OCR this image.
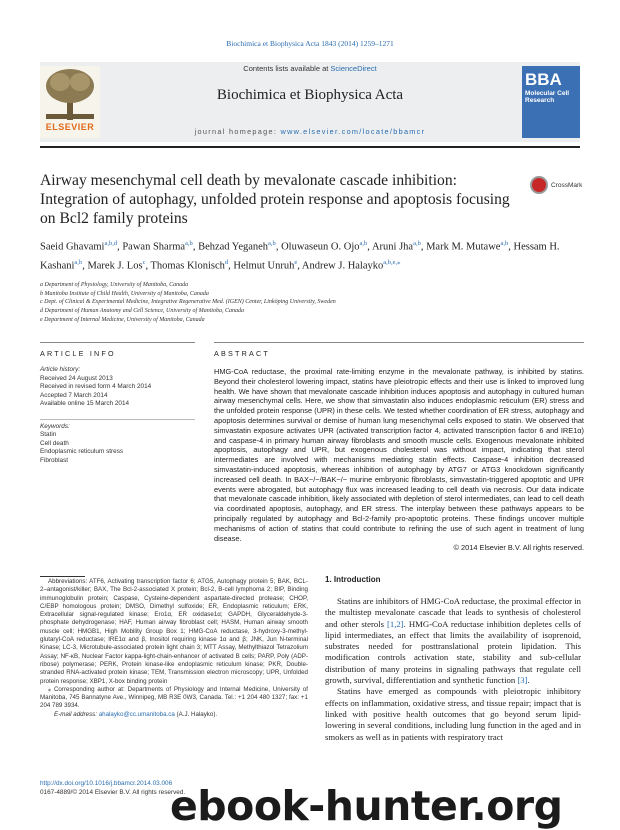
Biochimica et Biophysica Acta 1843 (2014) 1259–1271
ELSEVIER
Contents lists available at ScienceDirect
Biochimica et Biophysica Acta
journal homepage: www.elsevier.com/locate/bbamcr
BBA
Molecular Cell Research
Airway mesenchymal cell death by mevalonate cascade inhibition: Integration of autophagy, unfolded protein response and apoptosis focusing on Bcl2 family proteins
CrossMark
Saeid Ghavami$^{a,b,d}$, Pawan Sharma$^{a,b}$, Behzad Yeganeh$^{a,b}$, Oluwaseun O. Ojo$^{a,b}$, Aruni Jha$^{a,b}$, Mark M. Mutawe$^{a,b}$, Hessam H. Kashani$^{a,b}$, Marek J. Los$^c$, Thomas Klonisch$^d$, Helmut Unruh$^e$, Andrew J. Halayko$^{a,b,e,⁎}$
a Department of Physiology, University of Manitoba, Canada
b Manitoba Institute of Child Health, University of Manitoba, Canada
c Dept. of Clinical & Experimental Medicine, Integrative Regenerative Med. (IGEN) Center, Linköping University, Sweden
d Department of Human Anatomy and Cell Science, University of Manitoba, Canada
e Department of Internal Medicine, University of Manitoba, Canada
ARTICLE INFO
Article history:
Received 24 August 2013
Received in revised form 4 March 2014
Accepted 7 March 2014
Available online 15 March 2014
Keywords:
Statin
Cell death
Endoplasmic reticulum stress
Fibroblast
ABSTRACT

HMG-CoA reductase, the proximal rate-limiting enzyme in the mevalonate pathway, is inhibited by statins. Beyond their cholesterol lowering impact, statins have pleiotropic effects and their use is linked to improved lung health. We have shown that mevalonate cascade inhibition induces apoptosis and autophagy in cultured human airway mesenchymal cells. Here, we show that simvastatin also induces endoplasmic reticulum (ER) stress and the unfolded protein response (UPR) in these cells. We tested whether coordination of ER stress, autophagy and apoptosis determines survival or demise of human lung mesenchymal cells exposed to statin. We observed that simvastatin exposure activates UPR (activated transcription factor 4, activated transcription factor 6 and IRE1α) and caspase-4 in primary human airway fibroblasts and smooth muscle cells. Exogenous mevalonate inhibited apoptosis, autophagy and UPR, but exogenous cholesterol was without impact, indicating that sterol intermediates are involved with mechanisms mediating statin effects. Caspase-4 inhibition decreased simvastatin-induced apoptosis, whereas inhibition of autophagy by ATG7 or ATG3 knockdown significantly increased cell death. In BAX−/−/BAK−/− murine embryonic fibroblasts, simvastatin-triggered apoptotic and UPR events were abrogated, but autophagy flux was increased leading to cell death via necrosis. Our data indicate that mevalonate cascade inhibition, likely associated with depletion of sterol intermediates, can lead to cell death via coordinated apoptosis, autophagy, and ER stress. The interplay between these pathways appears to be principally regulated by autophagy and Bcl-2-family pro-apoptotic proteins. These findings uncover multiple mechanisms of action of statins that could contribute to refining the use of such agent in treatment of lung disease.

© 2014 Elsevier B.V. All rights reserved.

Abbreviations: ATF6, Activating transcription factor 6; ATG5, Autophagy protein 5; BAK, BCL-2–antagonist/killer; BAX, The Bcl-2-associated X protein; Bcl-2, B-cell lymphoma 2; BIP, Binding immunoglobulin protein; Caspase, Cysteine-dependent aspartate-directed protease; CHOP, C/EBP homologous protein; DMSO, Dimethyl sulfoxide; ER, Endoplasmic reticulum; ERK, Extracellular signal-regulated kinase; Ero1α, ER oxidase1α; GAPDH, Glyceraldehyde-3-phosphate dehydrogenase; HAF, Human airway fibroblast cell; HASM, Human airway smooth muscle cell; HMGB1, High Mobility Group Box 1; HMG-CoA reductase, 3-hydroxy-3-methyl-glutaryl-CoA reductase; IRE1α and β, Inositol requiring kinase 1α and β; JNK, Jun N-terminal Kinase; LC-3, Microtubule-associated protein light chain 3; MTT Assay, Methylthiazol Tetrazolium Assay; NF-κB, Nuclear Factor kappa-light-chain-enhancer of activated B cells; PARP, Poly (ADP-ribose) polymerase; PERK, Protein kinase-like endoplasmic reticulum kinase; PKR, Double-stranded RNA-activated protein kinase; TEM, Transmission electron microscopy; UPR, Unfolded protein response; XBP1, X-box binding protein

⁎ Corresponding author at: Departments of Physiology and Internal Medicine, University of Manitoba, 745 Bannatyne Ave., Winnipeg, MB R3E 0W3, Canada. Tel.: +1 204 480 1327; fax: +1 204 789 3934.

E-mail address: ahalayko@cc.umanitoba.ca (A.J. Halayko).

1. Introduction

Statins are inhibitors of HMG-CoA reductase, the proximal effector in the multistep mevalonate cascade that leads to synthesis of cholesterol and other sterols [1,2]. HMG-CoA reductase inhibition depletes cells of lipid intermediates, an effect that limits the availability of isoprenoid, substrates needed for posttranslational protein lipidation. This modification controls activation state, stability and sub-cellular distribution of many proteins in signaling pathways that regulate cell growth, survival, differentiation and synthetic function [3].

Statins have emerged as compounds with pleiotropic inhibitory effects on inflammation, oxidative stress, and tissue repair; impact that is linked with positive health outcomes that go beyond serum lipid-lowering in several conditions, including lung function in the aged and in smokers as well as in patients with respiratory tract

http://dx.doi.org/10.1016/j.bbamcr.2014.03.006
0167-4889/© 2014 Elsevier B.V. All rights reserved.
ebook-hunter.org
